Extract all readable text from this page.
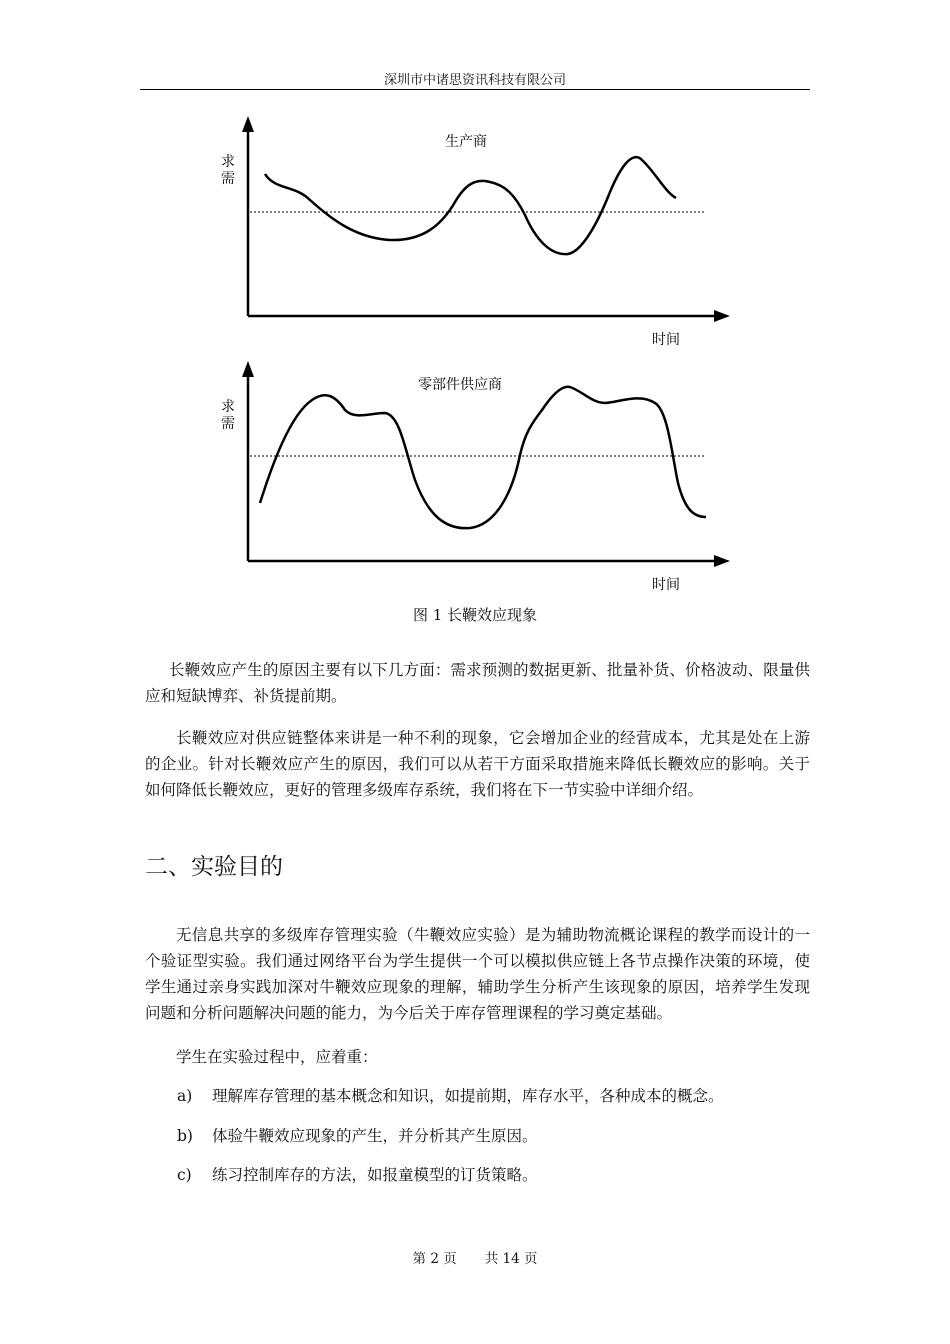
深圳市中诸思资讯科技有限公司
生产商
求
需
时间
零部件供应商
求
需
时间
图 1 长鞭效应现象
长鞭效应产生的原因主要有以下几方面：需求预测的数据更新、批量补货、价格波动、限量供应和短缺博弈、补货提前期。
长鞭效应对供应链整体来讲是一种不利的现象，它会增加企业的经营成本，尤其是处在上游的企业。针对长鞭效应产生的原因，我们可以从若干方面采取措施来降低长鞭效应的影响。关于如何降低长鞭效应，更好的管理多级库存系统，我们将在下一节实验中详细介绍。
二、实验目的
无信息共享的多级库存管理实验（牛鞭效应实验）是为辅助物流概论课程的教学而设计的一个验证型实验。我们通过网络平台为学生提供一个可以模拟供应链上各节点操作决策的环境，使学生通过亲身实践加深对牛鞭效应现象的理解，辅助学生分析产生该现象的原因，培养学生发现问题和分析问题解决问题的能力，为今后关于库存管理课程的学习奠定基础。
学生在实验过程中，应着重：
a) 理解库存管理的基本概念和知识，如提前期，库存水平，各种成本的概念。
b) 体验牛鞭效应现象的产生，并分析其产生原因。
c) 练习控制库存的方法，如报童模型的订货策略。
第 2 页 共 14 页
